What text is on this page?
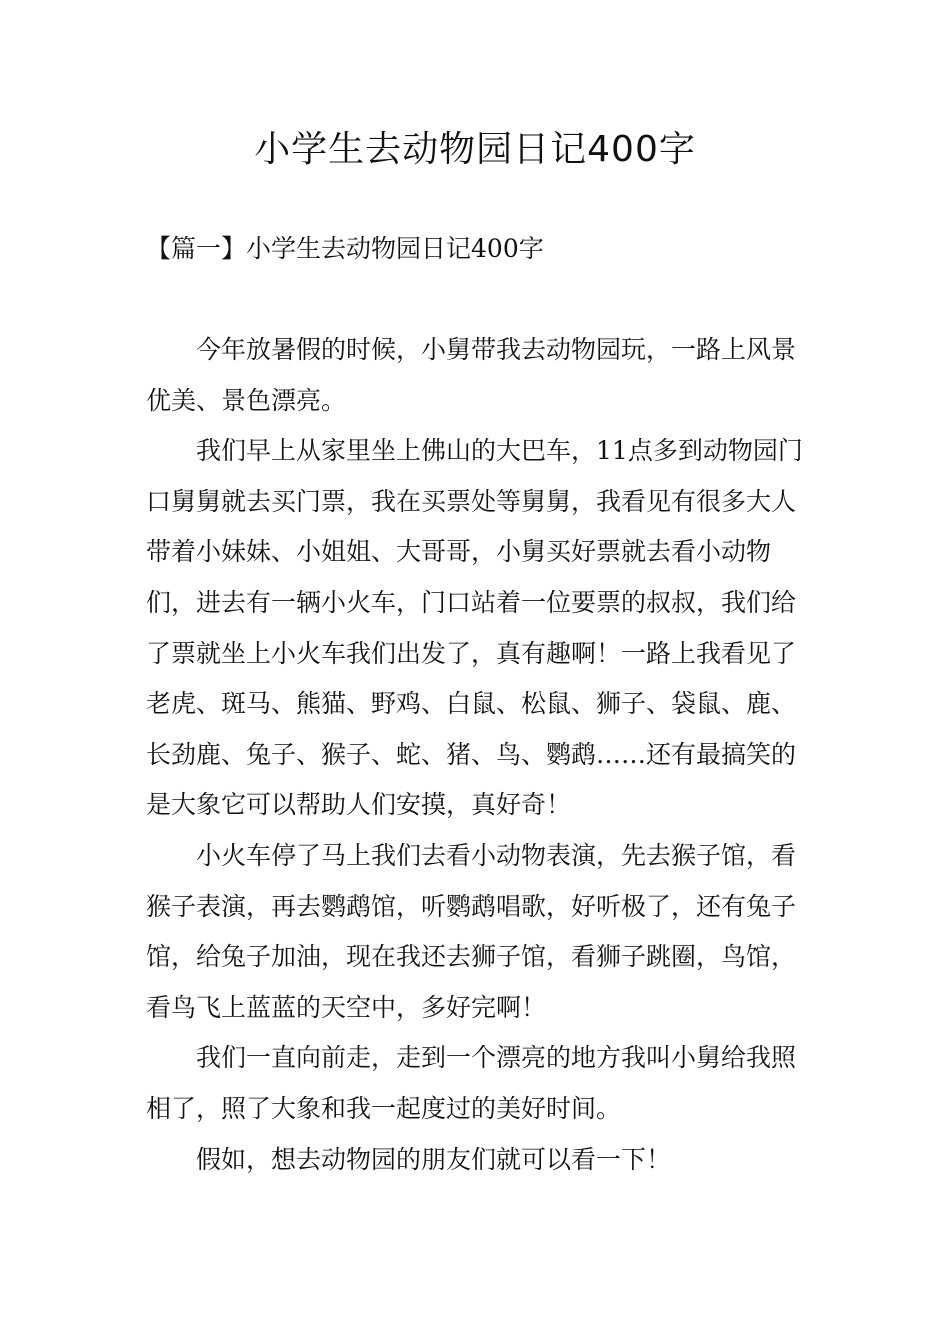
小学生去动物园日记400字
【篇一】小学生去动物园日记400字

今年放暑假的时候，小舅带我去动物园玩，一路上风景优美、景色漂亮。

我们早上从家里坐上佛山的大巴车，11点多到动物园门口舅舅就去买门票，我在买票处等舅舅，我看见有很多大人带着小妹妹、小姐姐、大哥哥，小舅买好票就去看小动物们，进去有一辆小火车，门口站着一位要票的叔叔，我们给了票就坐上小火车我们出发了，真有趣啊！一路上我看见了老虎、斑马、熊猫、野鸡、白鼠、松鼠、狮子、袋鼠、鹿、长劲鹿、兔子、猴子、蛇、猪、鸟、鹦鹉……还有最搞笑的是大象它可以帮助人们安摸，真好奇！

小火车停了马上我们去看小动物表演，先去猴子馆，看猴子表演，再去鹦鹉馆，听鹦鹉唱歌，好听极了，还有兔子馆，给兔子加油，现在我还去狮子馆，看狮子跳圈，鸟馆，看鸟飞上蓝蓝的天空中，多好完啊！

我们一直向前走，走到一个漂亮的地方我叫小舅给我照相了，照了大象和我一起度过的美好时间。

假如，想去动物园的朋友们就可以看一下！
